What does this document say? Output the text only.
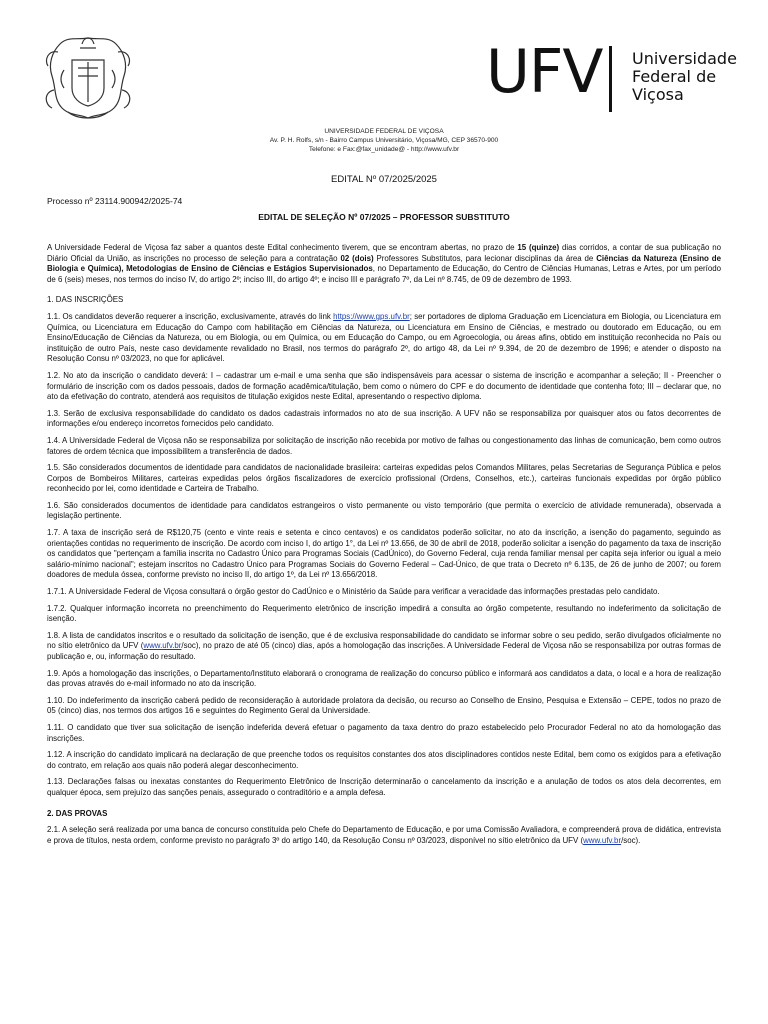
UFV Universidade
Federal de
Viçosa
UNIVERSIDADE FEDERAL DE VIÇOSA
Av. P. H. Rolfs, s/n - Bairro Campus Universitário, Viçosa/MG, CEP 36570-900
Telefone: e Fax:@fax_unidade@ - http://www.ufv.br
EDITAL Nº 07/2025/2025
Processo nº 23114.900942/2025-74
EDITAL DE SELEÇÃO Nº 07/2025 – PROFESSOR SUBSTITUTO

A Universidade Federal de Viçosa faz saber a quantos deste Edital conhecimento tiverem, que se encontram abertas, no prazo de 15 (quinze) dias corridos, a contar de sua publicação no Diário Oficial da União, as inscrições no processo de seleção para a contratação 02 (dois) Professores Substitutos, para lecionar disciplinas da área de Ciências da Natureza (Ensino de Biologia e Química), Metodologias de Ensino de Ciências e Estágios Supervisionados, no Departamento de Educação, do Centro de Ciências Humanas, Letras e Artes, por um período de 6 (seis) meses, nos termos do inciso IV, do artigo 2º; inciso III, do artigo 4º; e inciso III e parágrafo 7º, da Lei nº 8.745, de 09 de dezembro de 1993.

1. DAS INSCRIÇÕES

1.1. Os candidatos deverão requerer a inscrição, exclusivamente, através do link https://www.gps.ufv.br; ser portadores de diploma Graduação em Licenciatura em Biologia, ou Licenciatura em Química, ou Licenciatura em Educação do Campo com habilitação em Ciências da Natureza, ou Licenciatura em Ensino de Ciências, e mestrado ou doutorado em Educação, ou em Ensino/Educação de Ciências da Natureza, ou em Biologia, ou em Química, ou em Educação do Campo, ou em Agroecologia, ou áreas afins, obtido em instituição reconhecida no País ou instituição de outro País, neste caso devidamente revalidado no Brasil, nos termos do parágrafo 2º, do artigo 48, da Lei nº 9.394, de 20 de dezembro de 1996; e atender o disposto na Resolução Consu nº 03/2023, no que for aplicável.

1.2. No ato da inscrição o candidato deverá: I – cadastrar um e-mail e uma senha que são indispensáveis para acessar o sistema de inscrição e acompanhar a seleção; II - Preencher o formulário de inscrição com os dados pessoais, dados de formação acadêmica/titulação, bem como o número do CPF e do documento de identidade que contenha foto; III – declarar que, no ato da efetivação do contrato, atenderá aos requisitos de titulação exigidos neste Edital, apresentando o respectivo diploma.

1.3. Serão de exclusiva responsabilidade do candidato os dados cadastrais informados no ato de sua inscrição. A UFV não se responsabiliza por quaisquer atos ou fatos decorrentes de informações e/ou endereço incorretos fornecidos pelo candidato.

1.4. A Universidade Federal de Viçosa não se responsabiliza por solicitação de inscrição não recebida por motivo de falhas ou congestionamento das linhas de comunicação, bem como outros fatores de ordem técnica que impossibilitem a transferência de dados.

1.5. São considerados documentos de identidade para candidatos de nacionalidade brasileira: carteiras expedidas pelos Comandos Militares, pelas Secretarias de Segurança Pública e pelos Corpos de Bombeiros Militares, carteiras expedidas pelos órgãos fiscalizadores de exercício profissional (Ordens, Conselhos, etc.), carteiras funcionais expedidas por órgão público reconhecido por lei, como identidade e Carteira de Trabalho.

1.6. São considerados documentos de identidade para candidatos estrangeiros o visto permanente ou visto temporário (que permita o exercício de atividade remunerada), observada a legislação pertinente.

1.7. A taxa de inscrição será de R$120,75 (cento e vinte reais e setenta e cinco centavos) e os candidatos poderão solicitar, no ato da inscrição, a isenção do pagamento, seguindo as orientações contidas no requerimento de inscrição. De acordo com inciso I, do artigo 1°, da Lei nº 13.656, de 30 de abril de 2018, poderão solicitar a isenção do pagamento da taxa de inscrição os candidatos que "pertençam a família inscrita no Cadastro Único para Programas Sociais (CadÚnico), do Governo Federal, cuja renda familiar mensal per capita seja inferior ou igual a meio salário-mínimo nacional"; estejam inscritos no Cadastro Único para Programas Sociais do Governo Federal – Cad-Único, de que trata o Decreto nº 6.135, de 26 de junho de 2007; ou forem doadores de medula óssea, conforme previsto no inciso II, do artigo 1º, da Lei nº 13.656/2018.

1.7.1. A Universidade Federal de Viçosa consultará o órgão gestor do CadÚnico e o Ministério da Saúde para verificar a veracidade das informações prestadas pelo candidato.

1.7.2. Qualquer informação incorreta no preenchimento do Requerimento eletrônico de inscrição impedirá a consulta ao órgão competente, resultando no indeferimento da solicitação de isenção.

1.8. A lista de candidatos inscritos e o resultado da solicitação de isenção, que é de exclusiva responsabilidade do candidato se informar sobre o seu pedido, serão divulgados oficialmente no no sítio eletrônico da UFV (www.ufv.br/soc), no prazo de até 05 (cinco) dias, após a homologação das inscrições. A Universidade Federal de Viçosa não se responsabiliza por outras formas de publicação e, ou, informação do resultado.

1.9. Após a homologação das inscrições, o Departamento/Instituto elaborará o cronograma de realização do concurso público e informará aos candidatos a data, o local e a hora de realização das provas através do e-mail informado no ato da inscrição.

1.10. Do indeferimento da inscrição caberá pedido de reconsideração à autoridade prolatora da decisão, ou recurso ao Conselho de Ensino, Pesquisa e Extensão – CEPE, todos no prazo de 05 (cinco) dias, nos termos dos artigos 16 e seguintes do Regimento Geral da Universidade.

1.11. O candidato que tiver sua solicitação de isenção indeferida deverá efetuar o pagamento da taxa dentro do prazo estabelecido pelo Procurador Federal no ato da homologação das inscrições.

1.12. A inscrição do candidato implicará na declaração de que preenche todos os requisitos constantes dos atos disciplinadores contidos neste Edital, bem como os exigidos para a efetivação do contrato, em relação aos quais não poderá alegar desconhecimento.

1.13. Declarações falsas ou inexatas constantes do Requerimento Eletrônico de Inscrição determinarão o cancelamento da inscrição e a anulação de todos os atos dela decorrentes, em qualquer época, sem prejuízo das sanções penais, assegurado o contraditório e a ampla defesa.

2. DAS PROVAS

2.1. A seleção será realizada por uma banca de concurso constituída pelo Chefe do Departamento de Educação, e por uma Comissão Avaliadora, e compreenderá prova de didática, entrevista e prova de títulos, nesta ordem, conforme previsto no parágrafo 3º do artigo 140, da Resolução Consu nº 03/2023, disponível no sítio eletrônico da UFV (www.ufv.br/soc).
